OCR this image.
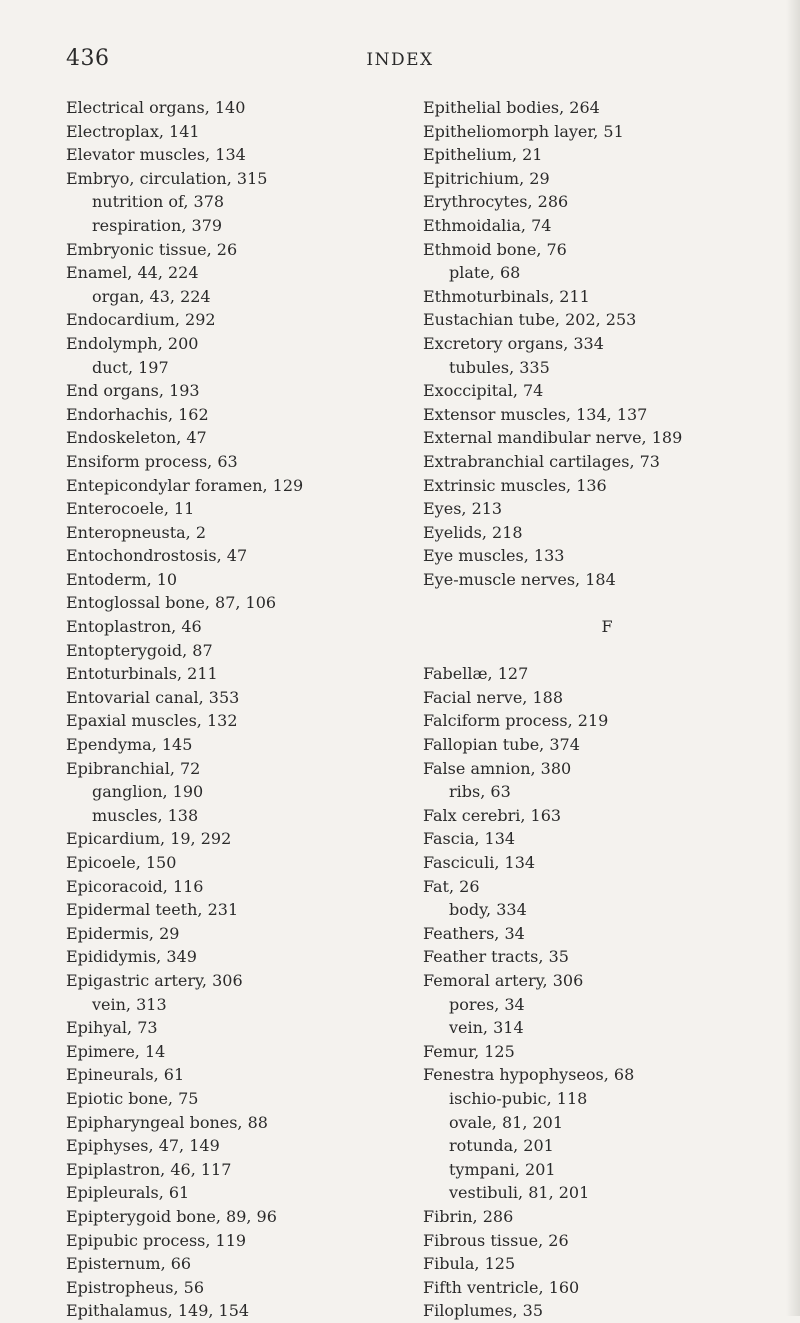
436	INDEX
Electrical organs, 140
Electroplax, 141
Elevator muscles, 134
Embryo, circulation, 315
nutrition of, 378
respiration, 379
Embryonic tissue, 26
Enamel, 44, 224
organ, 43, 224
Endocardium, 292
Endolymph, 200
duct, 197
End organs, 193
Endorhachis, 162
Endoskeleton, 47
Ensiform process, 63
Entepicondylar foramen, 129
Enterocoele, 11
Enteropneusta, 2
Entochondrostosis, 47
Entoderm, 10
Entoglossal bone, 87, 106
Entoplastron, 46
Entopterygoid, 87
Entoturbinals, 211
Entovarial canal, 353
Epaxial muscles, 132
Ependyma, 145
Epibranchial, 72
ganglion, 190
muscles, 138
Epicardium, 19, 292
Epicoele, 150
Epicoracoid, 116
Epidermal teeth, 231
Epidermis, 29
Epididymis, 349
Epigastric artery, 306
vein, 313
Epihyal, 73
Epimere, 14
Epineurals, 61
Epiotic bone, 75
Epipharyngeal bones, 88
Epiphyses, 47, 149
Epiplastron, 46, 117
Epipleurals, 61
Epipterygoid bone, 89, 96
Epipubic process, 119
Episternum, 66
Epistropheus, 56
Epithalamus, 149, 154
Epithelial bodies, 264
Epitheliomorph layer, 51
Epithelium, 21
Epitrichium, 29
Erythrocytes, 286
Ethmoidalia, 74
Ethmoid bone, 76
plate, 68
Ethmoturbinals, 211
Eustachian tube, 202, 253
Excretory organs, 334
tubules, 335
Exoccipital, 74
Extensor muscles, 134, 137
External mandibular nerve, 189
Extrabranchial cartilages, 73
Extrinsic muscles, 136
Eyes, 213
Eyelids, 218
Eye muscles, 133
Eye-muscle nerves, 184
F
Fabellæ, 127
Facial nerve, 188
Falciform process, 219
Fallopian tube, 374
False amnion, 380
ribs, 63
Falx cerebri, 163
Fascia, 134
Fasciculi, 134
Fat, 26
body, 334
Feathers, 34
Feather tracts, 35
Femoral artery, 306
pores, 34
vein, 314
Femur, 125
Fenestra hypophyseos, 68
ischio-pubic, 118
ovale, 81, 201
rotunda, 201
tympani, 201
vestibuli, 81, 201
Fibrin, 286
Fibrous tissue, 26
Fibula, 125
Fifth ventricle, 160
Filoplumes, 35
